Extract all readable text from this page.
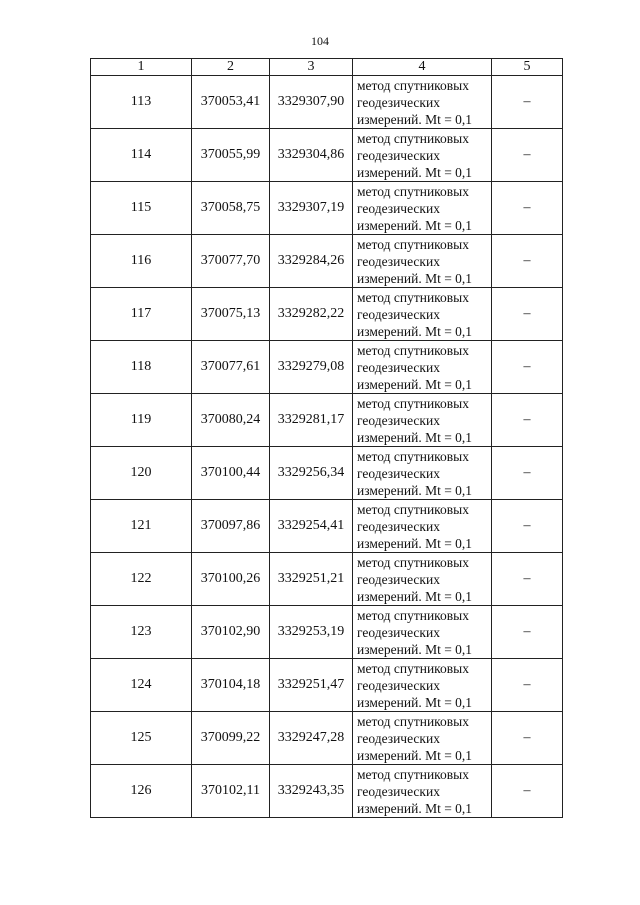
104
1	2	3	4	5
113	370053,41	3329307,90	метод спутниковых
геодезических
измерений. Mt = 0,1	–
114	370055,99	3329304,86	метод спутниковых
геодезических
измерений. Mt = 0,1	–
115	370058,75	3329307,19	метод спутниковых
геодезических
измерений. Mt = 0,1	–
116	370077,70	3329284,26	метод спутниковых
геодезических
измерений. Mt = 0,1	–
117	370075,13	3329282,22	метод спутниковых
геодезических
измерений. Mt = 0,1	–
118	370077,61	3329279,08	метод спутниковых
геодезических
измерений. Mt = 0,1	–
119	370080,24	3329281,17	метод спутниковых
геодезических
измерений. Mt = 0,1	–
120	370100,44	3329256,34	метод спутниковых
геодезических
измерений. Mt = 0,1	–
121	370097,86	3329254,41	метод спутниковых
геодезических
измерений. Mt = 0,1	–
122	370100,26	3329251,21	метод спутниковых
геодезических
измерений. Mt = 0,1	–
123	370102,90	3329253,19	метод спутниковых
геодезических
измерений. Mt = 0,1	–
124	370104,18	3329251,47	метод спутниковых
геодезических
измерений. Mt = 0,1	–
125	370099,22	3329247,28	метод спутниковых
геодезических
измерений. Mt = 0,1	–
126	370102,11	3329243,35	метод спутниковых
геодезических
измерений. Mt = 0,1	–
